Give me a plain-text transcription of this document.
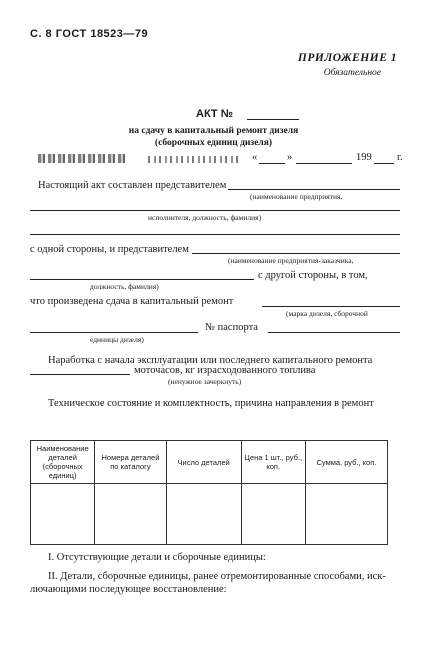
С. 8 ГОСТ 18523—79
ПРИЛОЖЕНИЕ 1
Обязательное
АКТ №
на сдачу в капитальный ремонт дизеля
(сборочных единиц дизеля)
«	»	199 г.
Настоящий акт составлен представителем
(наименование предприятия,
исполнителя, должность, фамилия)
с одной стороны, и представителем
(наименование предприятия-заказчика,
с другой стороны, в том,
должность, фамилия)
что произведена сдача в капитальный ремонт
(марка дизеля, сборочной
№ паспорта
единицы дизеля)
Наработка с начала эксплуатации или последнего капитального ремонта
моточасов, кг израсходованного топлива
(ненужное зачеркнуть)
Техническое состояние и комплектность, причина направления в ремонт
Наименование деталей (сборочных единиц)	Номера деталей по каталогу	Число деталей	Цена 1 шт., руб., коп.	Сумма, руб., коп.

I. Отсутствующие детали и сборочные единицы:
II. Детали, сборочные единицы, ранее отремонтированные способами, иск-
лючающими последующее восстановление:
